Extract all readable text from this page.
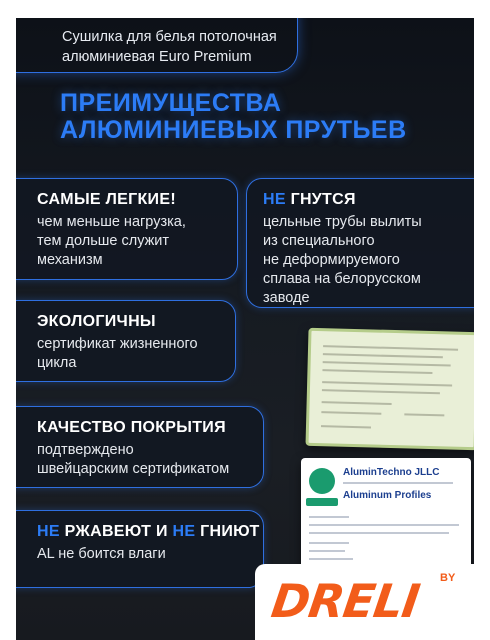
Сушилка для белья потолочная
алюминиевая Euro Premium
ПРЕИМУЩЕСТВА
АЛЮМИНИЕВЫХ ПРУТЬЕВ
САМЫЕ ЛЕГКИЕ!
чем меньше нагрузка,
тем дольше служит
механизм
НЕ ГНУТСЯ
цельные трубы вылиты
из специального
не деформируемого
сплава на белорусском
заводе
ЭКОЛОГИЧНЫ
сертификат жизненного
цикла
КАЧЕСТВО ПОКРЫТИЯ
подтверждено
швейцарским сертификатом	AluminTechno JLLC
Aluminum Profiles
НЕ РЖАВЕЮТ И НЕ ГНИЮТ
AL не боится влаги
DRELI BY
